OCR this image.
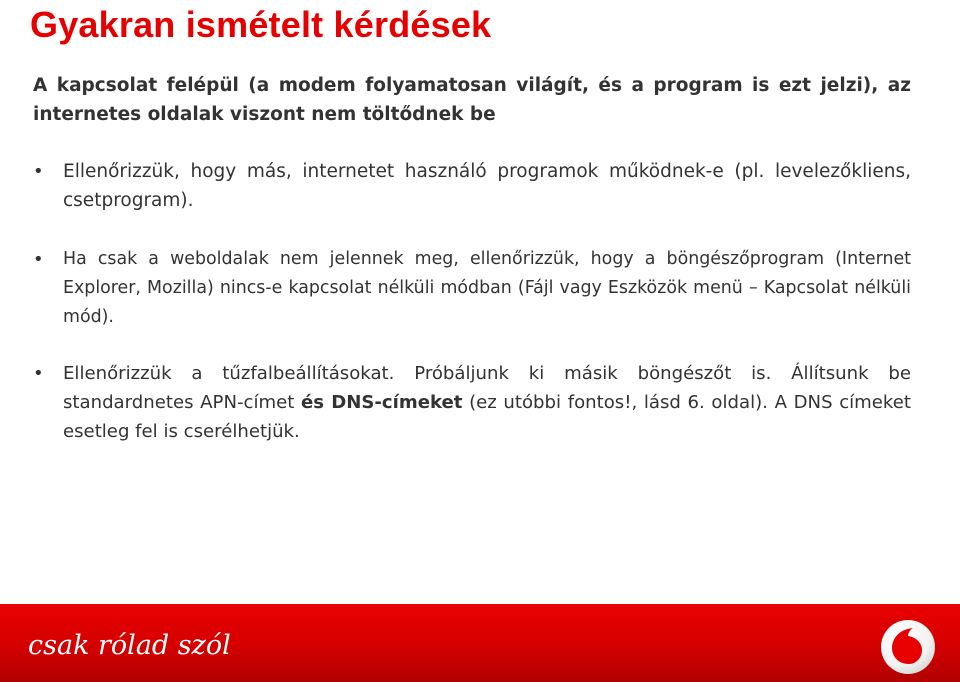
Gyakran ismételt kérdések

A kapcsolat felépül (a modem folyamatosan világít, és a program is ezt jelzi), az internetes oldalak viszont nem töltődnek be

• Ellenőrizzük, hogy más, internetet használó programok működnek-e (pl. levelezőkliens, csetprogram).
• Ha csak a weboldalak nem jelennek meg, ellenőrizzük, hogy a böngészőprogram (Internet Explorer, Mozilla) nincs-e kapcsolat nélküli módban (Fájl vagy Eszközök menü – Kapcsolat nélküli mód).
• Ellenőrizzük a tűzfalbeállításokat. Próbáljunk ki másik böngészőt is. Állítsunk be standardnetes APN-címet és DNS-címeket (ez utóbbi fontos!, lásd 6. oldal). A DNS címeket esetleg fel is cserélhetjük.
csak rólad szól
